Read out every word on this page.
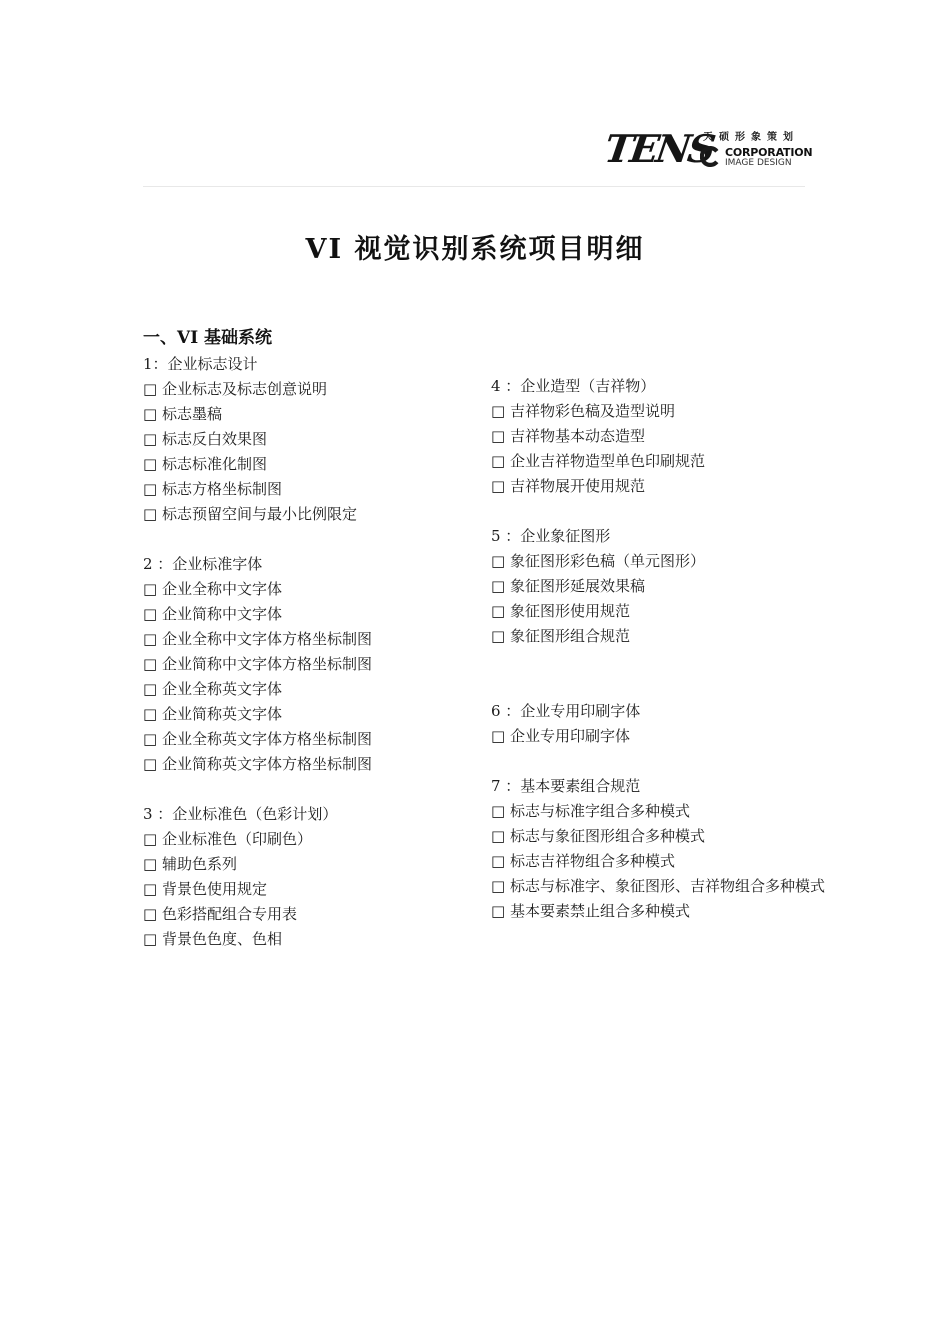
TENS
天硕形象策划
CORPORATION
IMAGE DESIGN
VI 视觉识别系统项目明细
一、VI 基础系统
1：企业标志设计
□ 企业标志及标志创意说明
□ 标志墨稿
□ 标志反白效果图
□ 标志标准化制图
□ 标志方格坐标制图
□ 标志预留空间与最小比例限定
2 ：企业标准字体
□ 企业全称中文字体
□ 企业简称中文字体
□ 企业全称中文字体方格坐标制图
□ 企业简称中文字体方格坐标制图
□ 企业全称英文字体
□ 企业简称英文字体
□ 企业全称英文字体方格坐标制图
□ 企业简称英文字体方格坐标制图
3 ：企业标准色（色彩计划）
□ 企业标准色（印刷色）
□ 辅助色系列
□ 背景色使用规定
□ 色彩搭配组合专用表
□ 背景色色度、色相
4 ：企业造型（吉祥物）
□ 吉祥物彩色稿及造型说明
□ 吉祥物基本动态造型
□ 企业吉祥物造型单色印刷规范
□ 吉祥物展开使用规范
5 ：企业象征图形
□ 象征图形彩色稿（单元图形）
□ 象征图形延展效果稿
□ 象征图形使用规范
□ 象征图形组合规范
6 ：企业专用印刷字体
□ 企业专用印刷字体
7 ：基本要素组合规范
□ 标志与标准字组合多种模式
□ 标志与象征图形组合多种模式
□ 标志吉祥物组合多种模式
□ 标志与标准字、象征图形、吉祥物组合多种模式
□ 基本要素禁止组合多种模式
